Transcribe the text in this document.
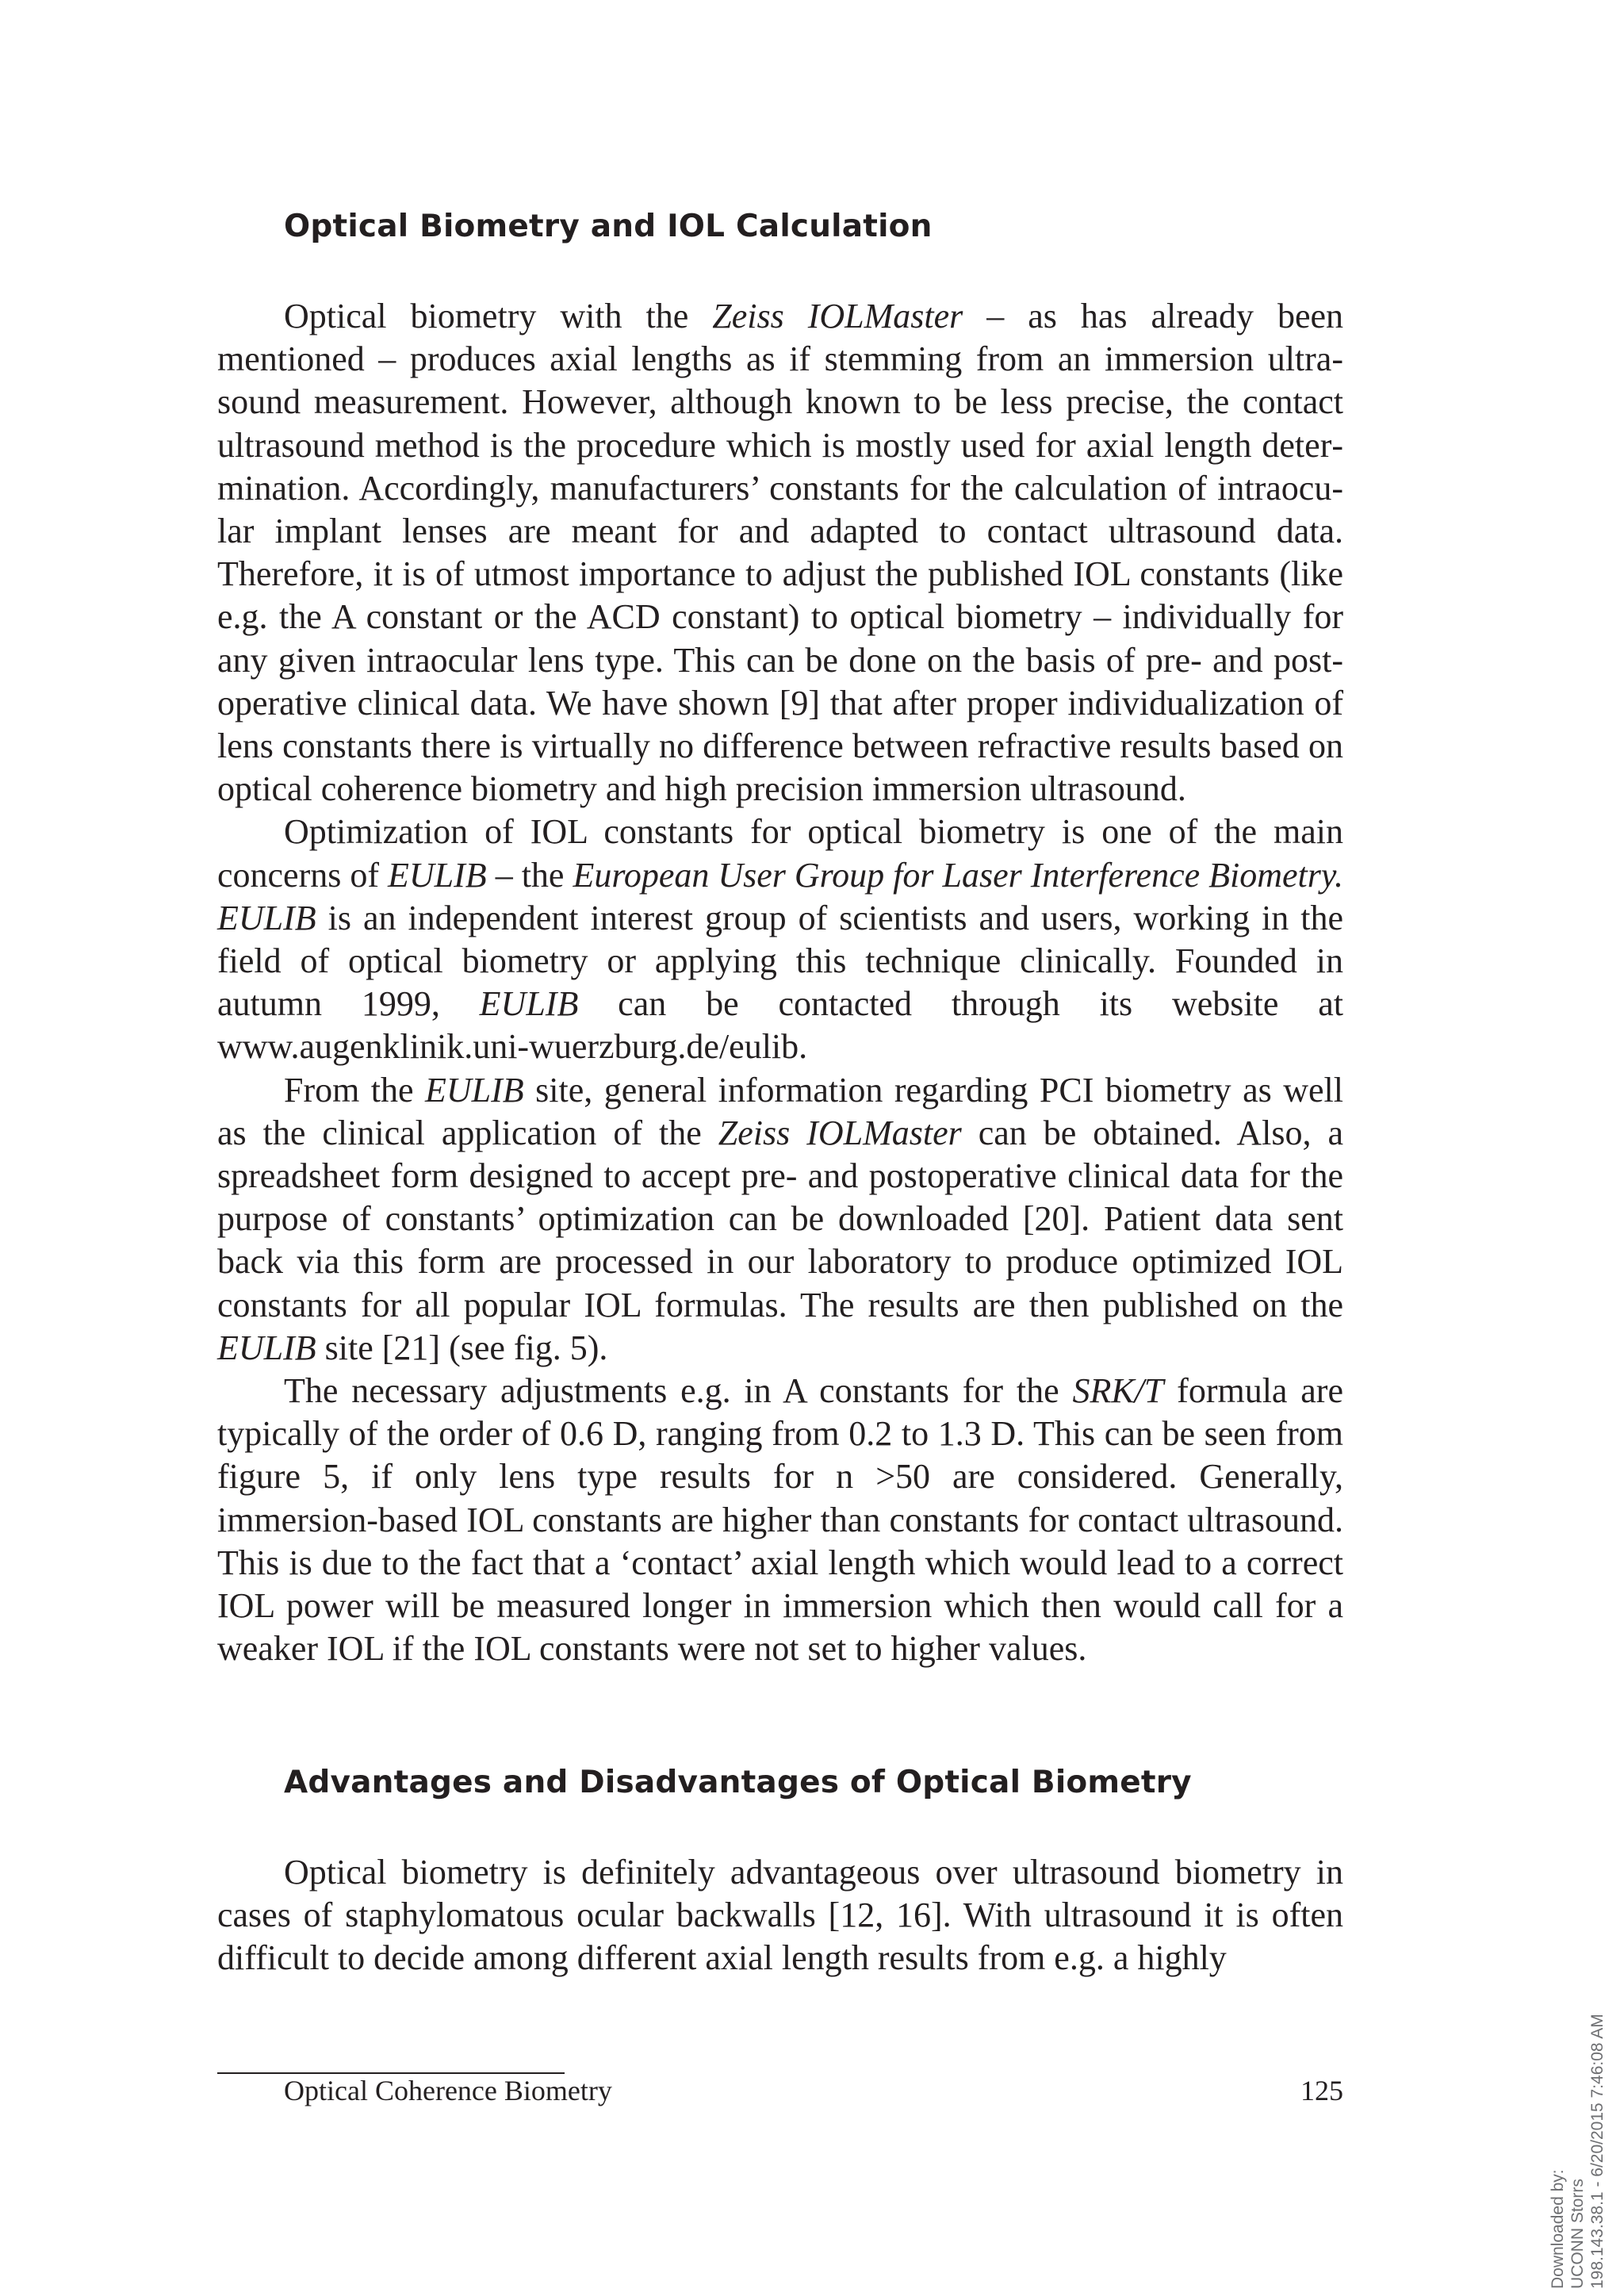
Optical Biometry and IOL Calculation

Optical biometry with the Zeiss IOLMaster – as has already been mentioned – produces axial lengths as if stemming from an immersion ultrasound measurement. However, although known to be less precise, the contact ultrasound method is the procedure which is mostly used for axial length determination. Accordingly, manufacturers’ constants for the calculation of intraocular implant lenses are meant for and adapted to contact ultrasound data. Therefore, it is of utmost importance to adjust the published IOL constants (like e.g. the A constant or the ACD constant) to optical biometry – individually for any given intraocular lens type. This can be done on the basis of pre- and postoperative clinical data. We have shown [9] that after proper individualization of lens constants there is virtually no difference between refractive results based on optical coherence biometry and high precision immersion ultrasound.

Optimization of IOL constants for optical biometry is one of the main concerns of EULIB – the European User Group for Laser Interference Biometry. EULIB is an independent interest group of scientists and users, working in the field of optical biometry or applying this technique clinically. Founded in autumn 1999, EULIB can be contacted through its website at www.augenklinik.uni-wuerzburg.de/eulib.

From the EULIB site, general information regarding PCI biometry as well as the clinical application of the Zeiss IOLMaster can be obtained. Also, a spreadsheet form designed to accept pre- and postoperative clinical data for the purpose of constants’ optimization can be downloaded [20]. Patient data sent back via this form are processed in our laboratory to produce optimized IOL constants for all popular IOL formulas. The results are then published on the EULIB site [21] (see fig. 5).

The necessary adjustments e.g. in A constants for the SRK/T formula are typically of the order of 0.6 D, ranging from 0.2 to 1.3 D. This can be seen from figure 5, if only lens type results for n >50 are considered. Generally, immersion-based IOL constants are higher than constants for contact ultrasound. This is due to the fact that a ‘contact’ axial length which would lead to a correct IOL power will be measured longer in immersion which then would call for a weaker IOL if the IOL constants were not set to higher values.

Advantages and Disadvantages of Optical Biometry

Optical biometry is definitely advantageous over ultrasound biometry in cases of staphylomatous ocular backwalls [12, 16]. With ultrasound it is often difficult to decide among different axial length results from e.g. a highly

Optical Coherence Biometry	125
Downloaded by: UCONN Storrs 198.143.38.1 - 6/20/2015 7:46:08 AM
